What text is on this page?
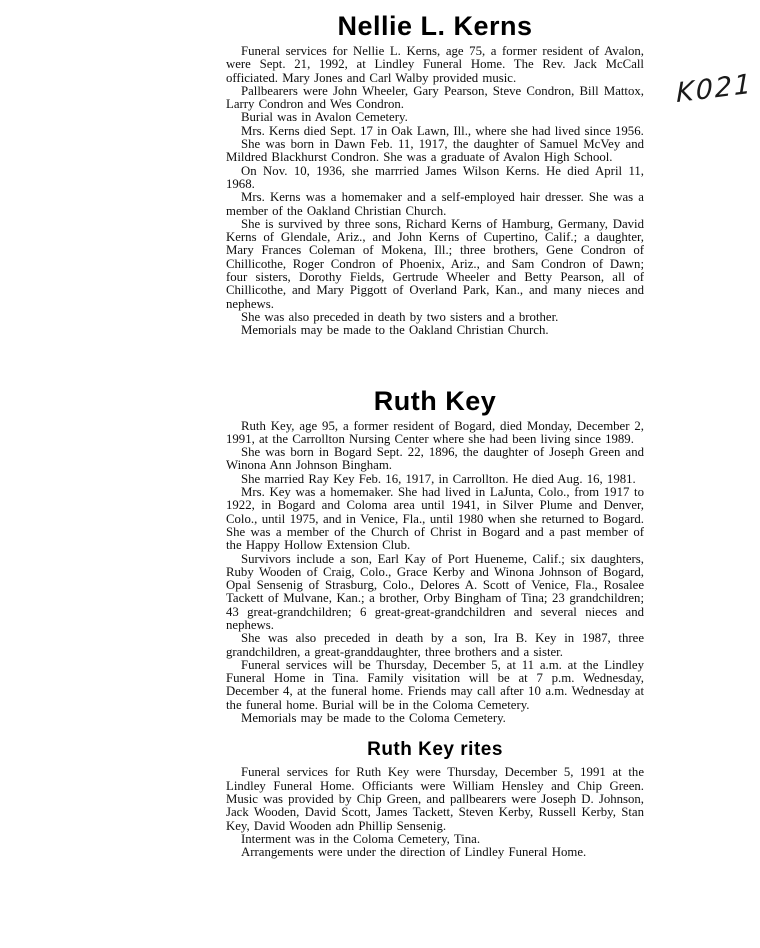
K021
Nellie L. Kerns

Funeral services for Nellie L. Kerns, age 75, a former resident of Avalon, were Sept. 21, 1992, at Lindley Funeral Home. The Rev. Jack McCall officiated. Mary Jones and Carl Walby provided music.

Pallbearers were John Wheeler, Gary Pearson, Steve Condron, Bill Mattox, Larry Condron and Wes Condron.

Burial was in Avalon Cemetery.

Mrs. Kerns died Sept. 17 in Oak Lawn, Ill., where she had lived since 1956.

She was born in Dawn Feb. 11, 1917, the daughter of Samuel McVey and Mildred Blackhurst Condron. She was a graduate of Avalon High School.

On Nov. 10, 1936, she marrried James Wilson Kerns. He died April 11, 1968.

Mrs. Kerns was a homemaker and a self-employed hair dresser. She was a member of the Oakland Christian Church.

She is survived by three sons, Richard Kerns of Hamburg, Germany, David Kerns of Glendale, Ariz., and John Kerns of Cupertino, Calif.; a daughter, Mary Frances Coleman of Mokena, Ill.; three brothers, Gene Condron of Chillicothe, Roger Condron of Phoenix, Ariz., and Sam Condron of Dawn; four sisters, Dorothy Fields, Gertrude Wheeler and Betty Pearson, all of Chillicothe, and Mary Piggott of Overland Park, Kan., and many nieces and nephews.

She was also preceded in death by two sisters and a brother.

Memorials may be made to the Oakland Christian Church.

Ruth Key

Ruth Key, age 95, a former resident of Bogard, died Monday, December 2, 1991, at the Carrollton Nursing Center where she had been living since 1989.

She was born in Bogard Sept. 22, 1896, the daughter of Joseph Green and Winona Ann Johnson Bingham.

She married Ray Key Feb. 16, 1917, in Carrollton. He died Aug. 16, 1981.

Mrs. Key was a homemaker. She had lived in LaJunta, Colo., from 1917 to 1922, in Bogard and Coloma area until 1941, in Silver Plume and Denver, Colo., until 1975, and in Venice, Fla., until 1980 when she returned to Bogard. She was a member of the Church of Christ in Bogard and a past member of the Happy Hollow Extension Club.

Survivors include a son, Earl Kay of Port Hueneme, Calif.; six daughters, Ruby Wooden of Craig, Colo., Grace Kerby and Winona Johnson of Bogard, Opal Sensenig of Strasburg, Colo., Delores A. Scott of Venice, Fla., Rosalee Tackett of Mulvane, Kan.; a brother, Orby Bingham of Tina; 23 grandchildren; 43 great-grandchildren; 6 great-great-grandchildren and several nieces and nephews.

She was also preceded in death by a son, Ira B. Key in 1987, three grandchildren, a great-granddaughter, three brothers and a sister.

Funeral services will be Thursday, December 5, at 11 a.m. at the Lindley Funeral Home in Tina. Family visitation will be at 7 p.m. Wednesday, December 4, at the funeral home. Friends may call after 10 a.m. Wednesday at the funeral home. Burial will be in the Coloma Cemetery.

Memorials may be made to the Coloma Cemetery.

Ruth Key rites

Funeral services for Ruth Key were Thursday, December 5, 1991 at the Lindley Funeral Home. Officiants were William Hensley and Chip Green. Music was provided by Chip Green, and pallbearers were Joseph D. Johnson, Jack Wooden, David Scott, James Tackett, Steven Kerby, Russell Kerby, Stan Key, David Wooden adn Phillip Sensenig.

Interment was in the Coloma Cemetery, Tina.

Arrangements were under the direction of Lindley Funeral Home.
